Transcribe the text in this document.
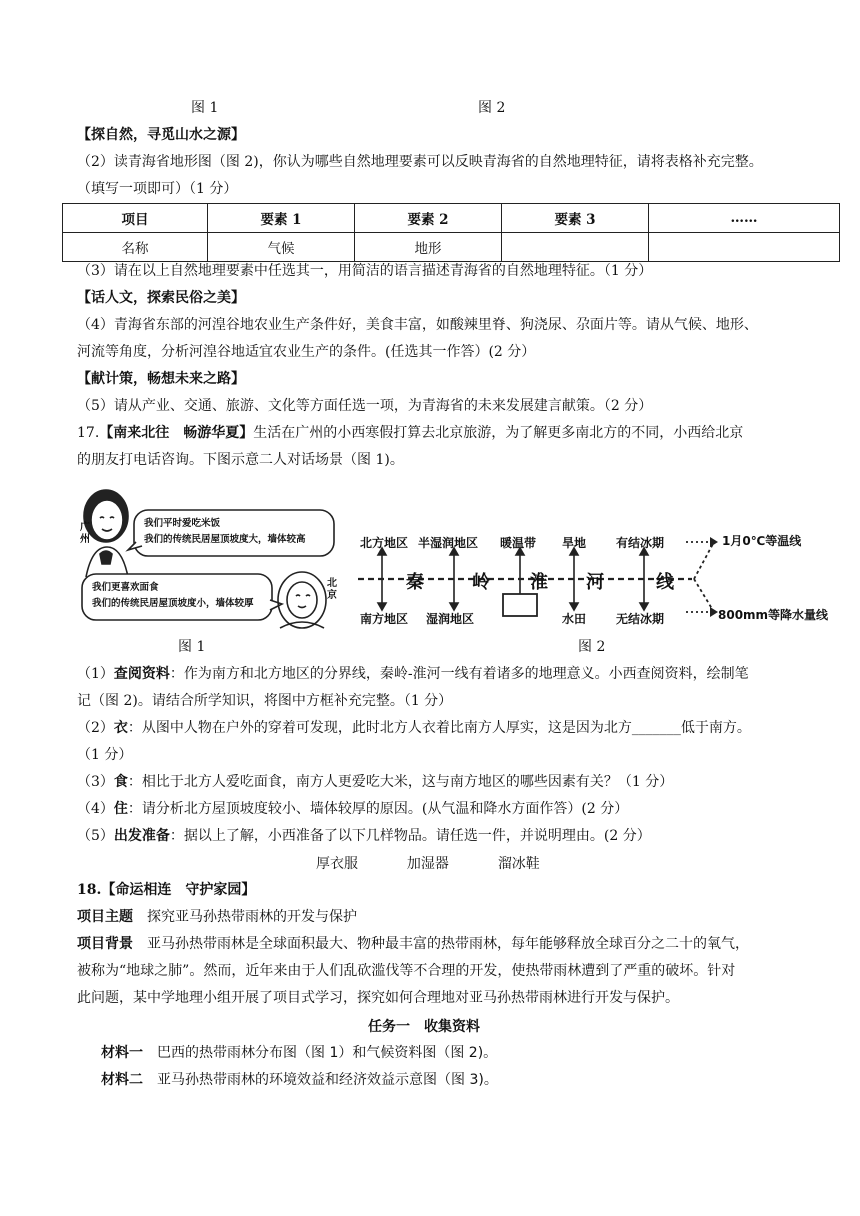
图 1	图 2
【探自然，寻觅山水之源】
（2）读青海省地形图（图 2)，你认为哪些自然地理要素可以反映青海省的自然地理特征，请将表格补充完整。
（填写一项即可）（1 分）
项目	要素 1	要素 2	要素 3	……
名称	气候	地形		
（3）请在以上自然地理要素中任选其一，用简洁的语言描述青海省的自然地理特征。（1 分）
【话人文，探索民俗之美】
（4）青海省东部的河湟谷地农业生产条件好，美食丰富，如酸辣里脊、狗浇尿、尕面片等。请从气候、地形、
河流等角度，分析河湟谷地适宜农业生产的条件。(任选其一作答）(2 分）
【献计策，畅想未来之路】
（5）请从产业、交通、旅游、文化等方面任选一项，为青海省的未来发展建言献策。（2 分）
17.【南来北往　畅游华夏】生活在广州的小西寒假打算去北京旅游，为了解更多南北方的不同，小西给北京
的朋友打电话咨询。下图示意二人对话场景（图 1)。
广州
我们平时爱吃米饭
我们的传统民居屋顶坡度大，墙体较高
我们更喜欢面食
我们的传统民居屋顶坡度小，墙体较厚
北京
图 1
北方地区 半湿润地区 暖温带 旱地 有结冰期
南方地区 湿润地区	水田 无结冰期
秦	岭 淮 河	线
1月0℃等温线
800mm等降水量线
图 2
（1）查阅资料：作为南方和北方地区的分界线，秦岭-淮河一线有着诸多的地理意义。小西查阅资料，绘制笔
记（图 2)。请结合所学知识，将图中方框补充完整。（1 分）
（2）衣：从图中人物在户外的穿着可发现，此时北方人衣着比南方人厚实，这是因为北方_______低于南方。
（1 分）
（3）食：相比于北方人爱吃面食，南方人更爱吃大米，这与南方地区的哪些因素有关？（1 分）
（4）住：请分析北方屋顶坡度较小、墙体较厚的原因。(从气温和降水方面作答）(2 分）
（5）出发准备：据以上了解，小西准备了以下几样物品。请任选一件，并说明理由。(2 分）
厚衣服	加湿器	溜冰鞋
18.【命运相连　守护家园】
项目主题　 探究亚马孙热带雨林的开发与保护
项目背景　 亚马孙热带雨林是全球面积最大、物种最丰富的热带雨林，每年能够释放全球百分之二十的氧气，
被称为“地球之肺”。然而，近年来由于人们乱砍滥伐等不合理的开发，使热带雨林遭到了严重的破坏。针对
此问题，某中学地理小组开展了项目式学习，探究如何合理地对亚马孙热带雨林进行开发与保护。
任务一　收集资料
材料一　 巴西的热带雨林分布图（图 1）和气候资料图（图 2)。
材料二　 亚马孙热带雨林的环境效益和经济效益示意图（图 3)。
